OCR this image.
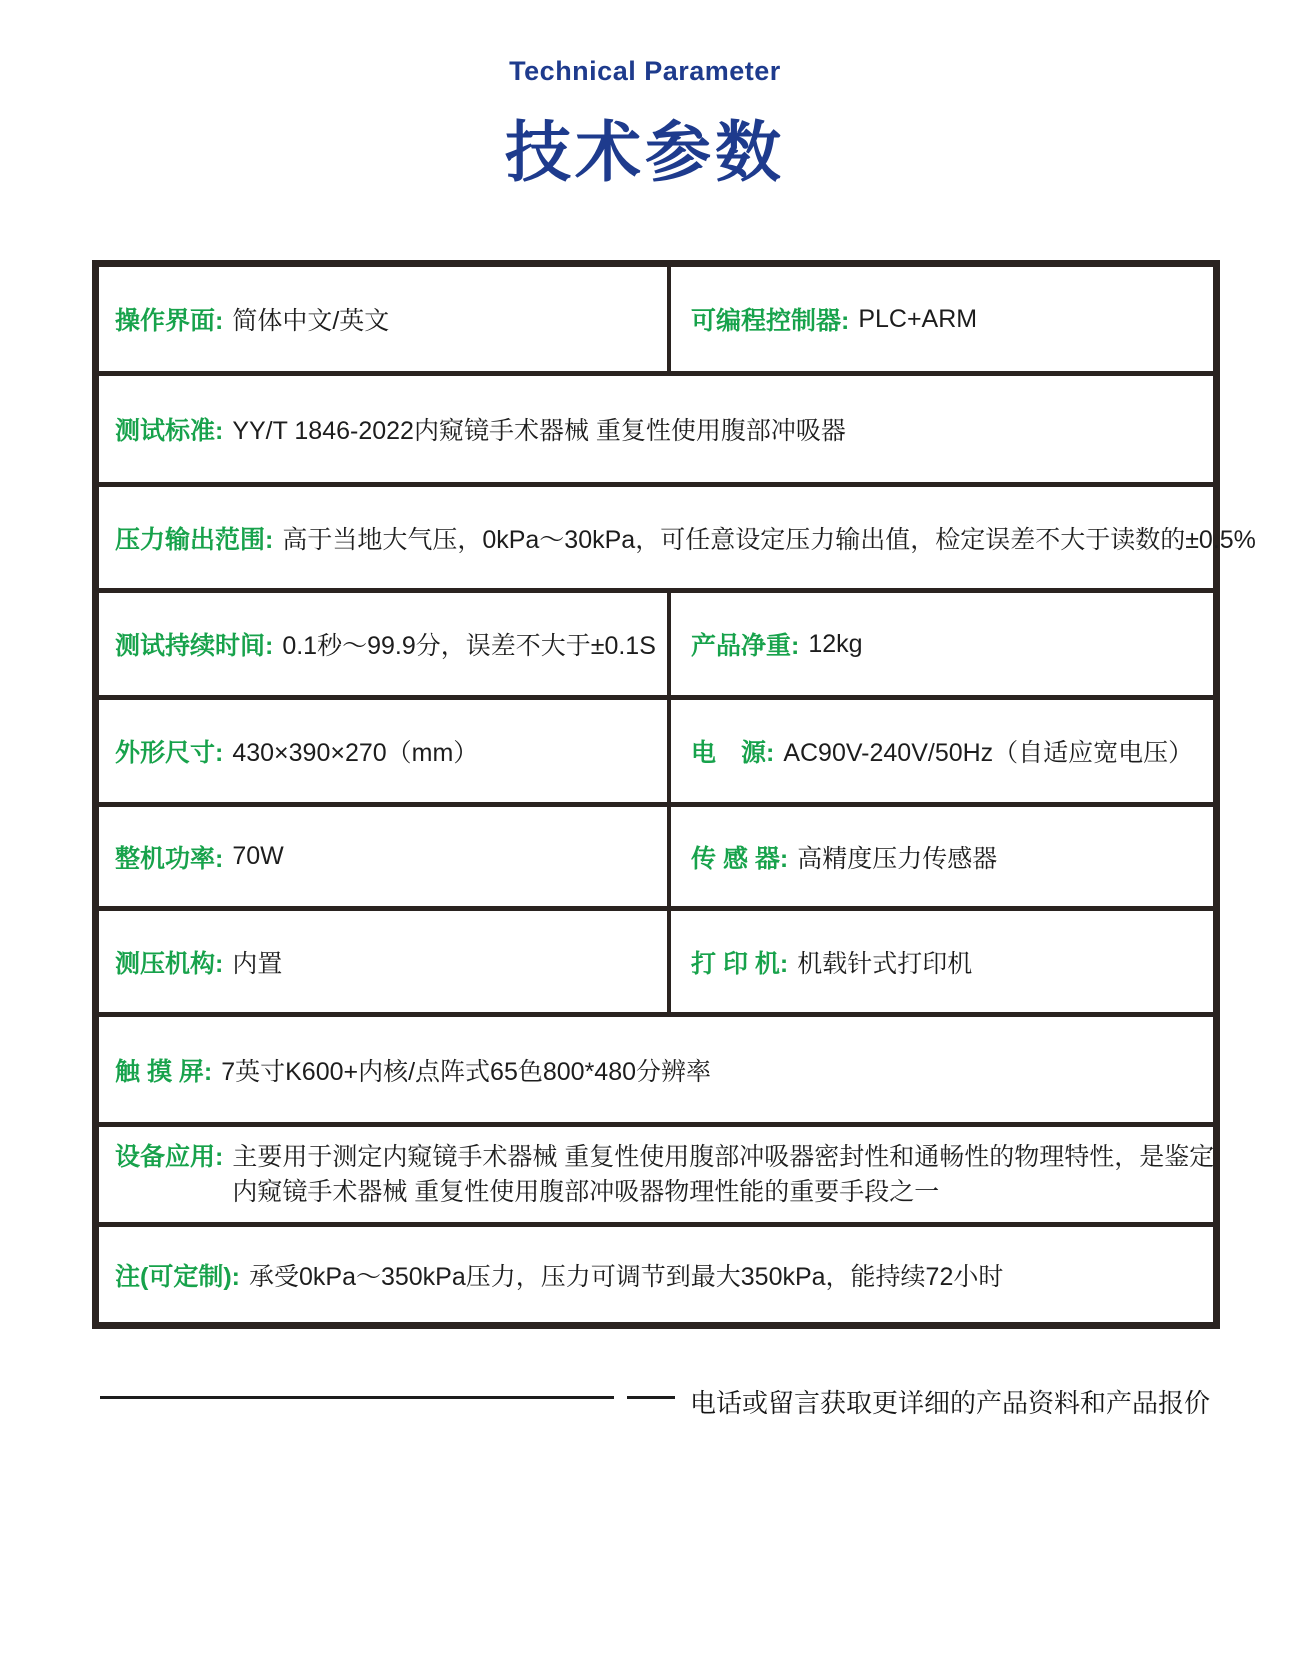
Technical Parameter
技术参数
操作界面: 简体中文/英文	可编程控制器: PLC+ARM
测试标准: YY/T 1846-2022内窥镜手术器械 重复性使用腹部冲吸器
压力输出范围: 高于当地大气压，0kPa～30kPa，可任意设定压力输出值，检定误差不大于读数的±0.5%
测试持续时间: 0.1秒～99.9分，误差不大于±0.1S 产品净重: 12kg
外形尺寸: 430×390×270（mm）	电　源: AC90V-240V/50Hz（自适应宽电压）
整机功率: 70W	传 感 器: 高精度压力传感器
测压机构: 内置	打 印 机: 机载针式打印机
触 摸 屏: 7英寸K600+内核/点阵式65色800*480分辨率
设备应用: 主要用于测定内窥镜手术器械 重复性使用腹部冲吸器密封性和通畅性的物理特性，是鉴定
内窥镜手术器械 重复性使用腹部冲吸器物理性能的重要手段之一
注(可定制): 承受0kPa～350kPa压力，压力可调节到最大350kPa，能持续72小时
电话或留言获取更详细的产品资料和产品报价
